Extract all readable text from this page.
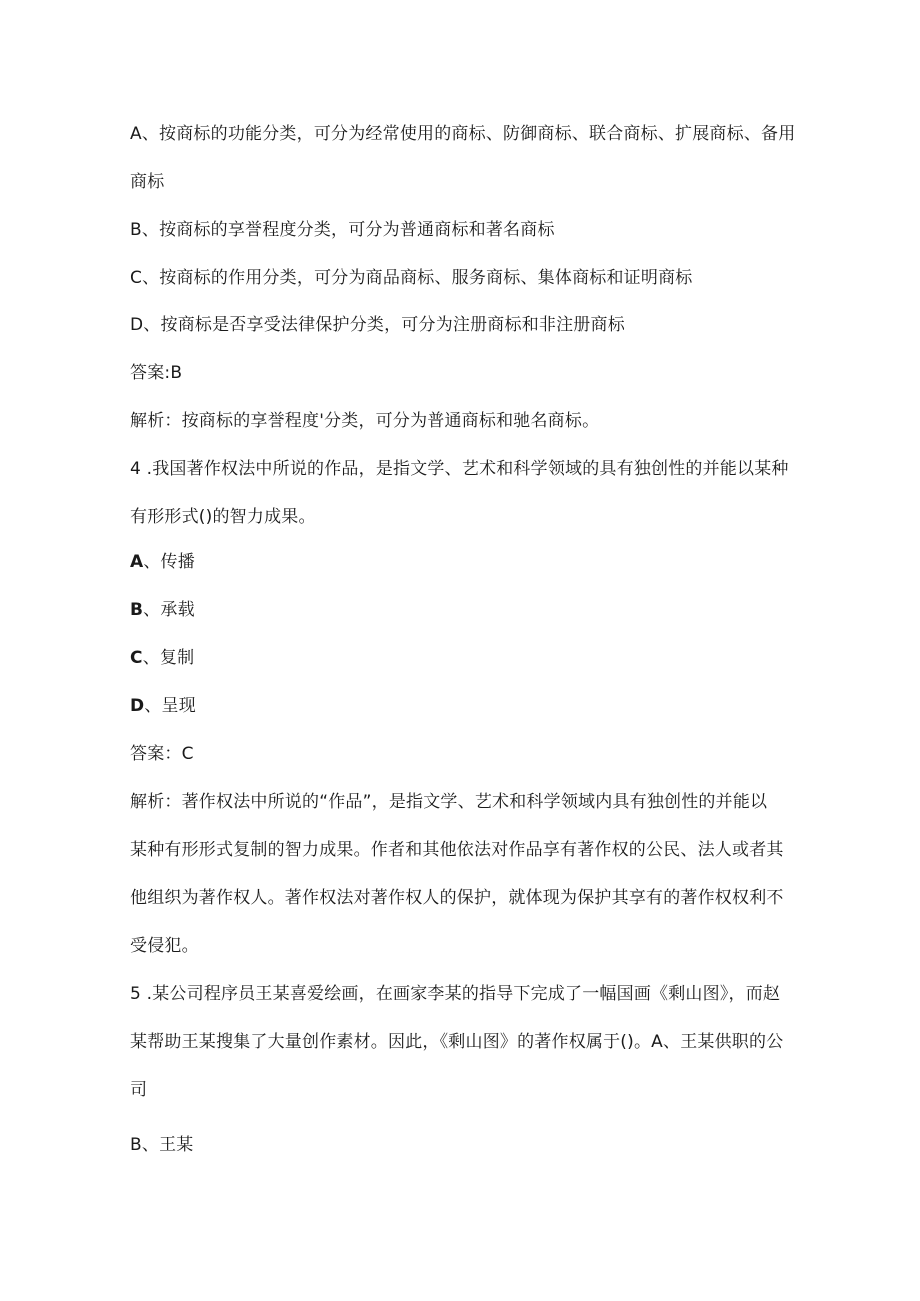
A、按商标的功能分类，可分为经常使用的商标、防御商标、联合商标、扩展商标、备用
商标
B、按商标的享誉程度分类，可分为普通商标和著名商标
C、按商标的作用分类，可分为商品商标、服务商标、集体商标和证明商标
D、按商标是否享受法律保护分类，可分为注册商标和非注册商标
答案:B
解析：按商标的享誉程度'分类，可分为普通商标和驰名商标。
4 .我国著作权法中所说的作品，是指文学、艺术和科学领域的具有独创性的并能以某种
有形形式()的智力成果。
A、传播
B、承载
C、复制
D、呈现
答案：C
解析：著作权法中所说的“作品”，是指文学、艺术和科学领域内具有独创性的并能以
某种有形形式复制的智力成果。作者和其他依法对作品享有著作权的公民、法人或者其
他组织为著作权人。著作权法对著作权人的保护，就体现为保护其享有的著作权权利不
受侵犯。
5 .某公司程序员王某喜爱绘画，在画家李某的指导下完成了一幅国画《剩山图》，而赵
某帮助王某搜集了大量创作素材。因此，《剩山图》的著作权属于()。A、王某供职的公
司
B、王某
